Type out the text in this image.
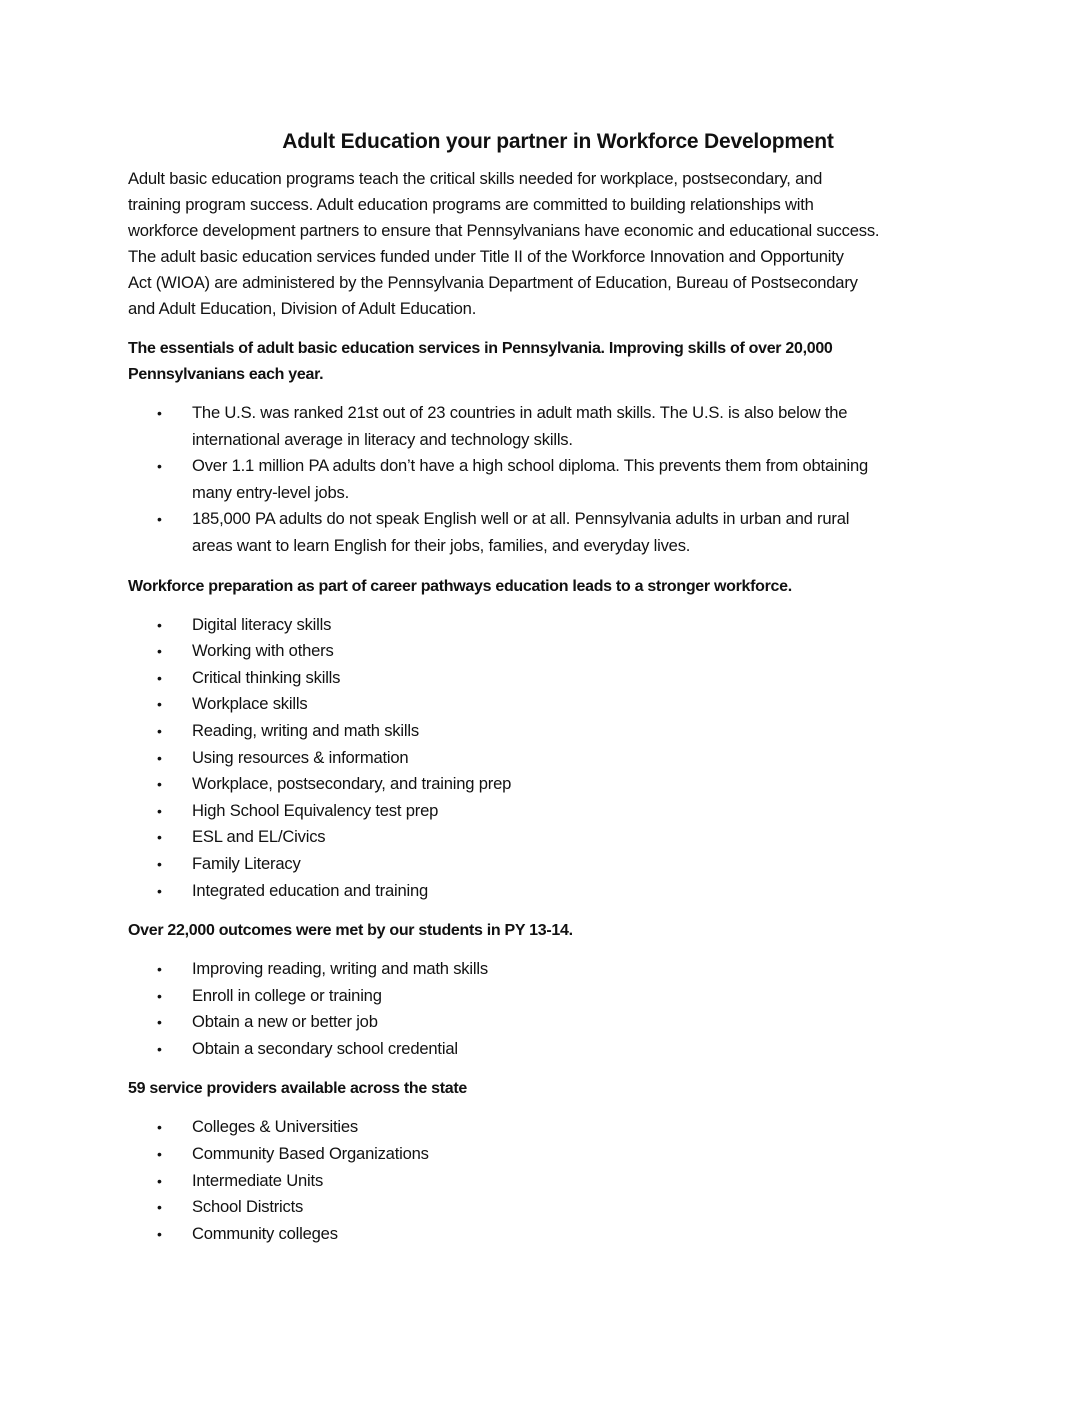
Adult Education your partner in Workforce Development

Adult basic education programs teach the critical skills needed for workplace, postsecondary, and
training program success. Adult education programs are committed to building relationships with
workforce development partners to ensure that Pennsylvanians have economic and educational success.
The adult basic education services funded under Title II of the Workforce Innovation and Opportunity
Act (WIOA) are administered by the Pennsylvania Department of Education, Bureau of Postsecondary
and Adult Education, Division of Adult Education.

The essentials of adult basic education services in Pennsylvania. Improving skills of over 20,000
Pennsylvanians each year.

• The U.S. was ranked 21st out of 23 countries in adult math skills. The U.S. is also below the
international average in literacy and technology skills.
• Over 1.1 million PA adults don’t have a high school diploma. This prevents them from obtaining
many entry-level jobs.
• 185,000 PA adults do not speak English well or at all. Pennsylvania adults in urban and rural
areas want to learn English for their jobs, families, and everyday lives.

Workforce preparation as part of career pathways education leads to a stronger workforce.

• Digital literacy skills
• Working with others
• Critical thinking skills
• Workplace skills
• Reading, writing and math skills
• Using resources & information
• Workplace, postsecondary, and training prep
• High School Equivalency test prep
• ESL and EL/Civics
• Family Literacy
• Integrated education and training

Over 22,000 outcomes were met by our students in PY 13-14.

• Improving reading, writing and math skills
• Enroll in college or training
• Obtain a new or better job
• Obtain a secondary school credential

59 service providers available across the state

• Colleges & Universities
• Community Based Organizations
• Intermediate Units
• School Districts
• Community colleges
